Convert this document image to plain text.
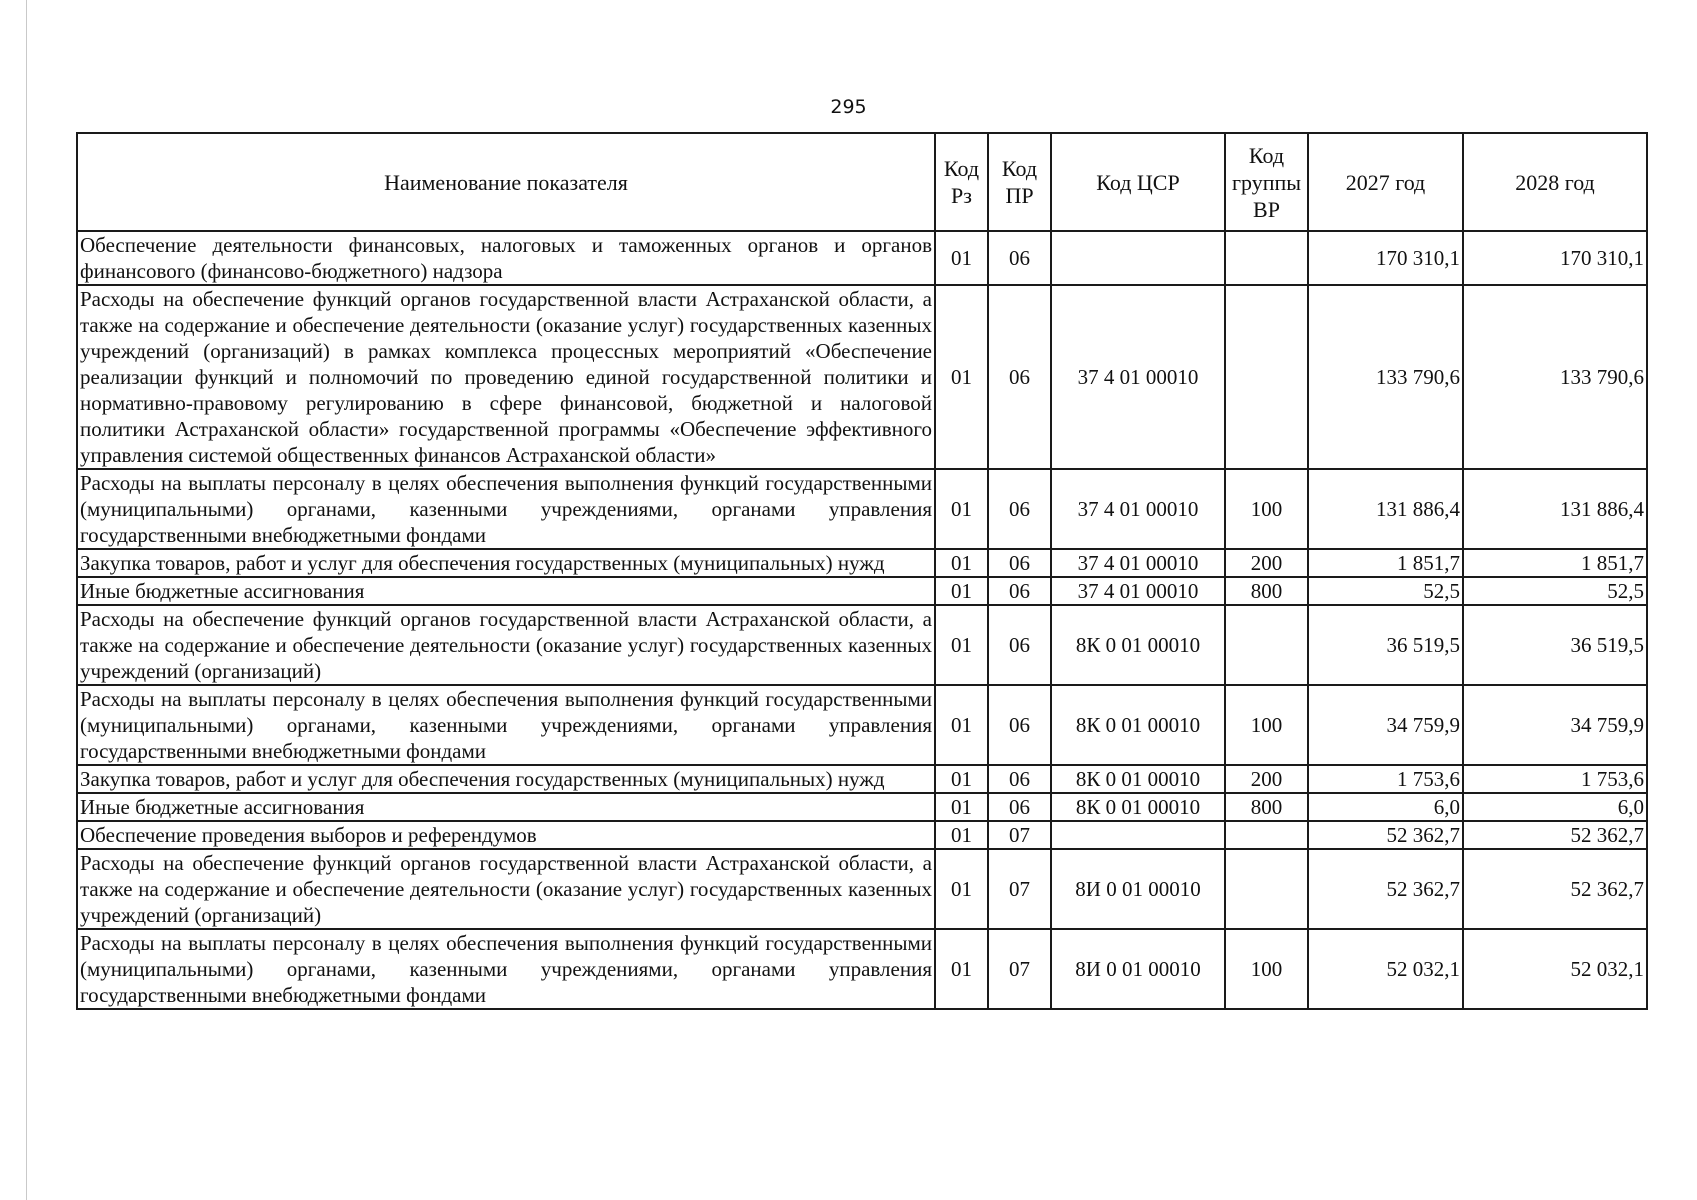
295
Наименование показателя	Код Рз	Код ПР	Код ЦСР	Код группы ВР	2027 год	2028 год
Обеспечение деятельности финансовых, налоговых и таможенных органов и органов финансового (финансово-бюджетного) надзора	01	06			170 310,1	170 310,1
Расходы на обеспечение функций органов государственной власти Астраханской области, а также на содержание и обеспечение деятельности (оказание услуг) государственных казенных учреждений (организаций) в рамках комплекса процессных мероприятий «Обеспечение реализации функций и полномочий по проведению единой государственной политики и нормативно-правовому регулированию в сфере финансовой, бюджетной и налоговой политики Астраханской области» государственной программы «Обеспечение эффективного управления системой общественных финансов Астраханской области»	01	06	37 4 01 00010		133 790,6	133 790,6
Расходы на выплаты персоналу в целях обеспечения выполнения функций государственными (муниципальными) органами, казенными учреждениями, органами управления государственными внебюджетными фондами	01	06	37 4 01 00010	100	131 886,4	131 886,4
Закупка товаров, работ и услуг для обеспечения государственных (муниципальных) нужд	01	06	37 4 01 00010	200	1 851,7	1 851,7
Иные бюджетные ассигнования	01	06	37 4 01 00010	800	52,5	52,5
Расходы на обеспечение функций органов государственной власти Астраханской области, а также на содержание и обеспечение деятельности (оказание услуг) государственных казенных учреждений (организаций)	01	06	8К 0 01 00010		36 519,5	36 519,5
Расходы на выплаты персоналу в целях обеспечения выполнения функций государственными (муниципальными) органами, казенными учреждениями, органами управления государственными внебюджетными фондами	01	06	8К 0 01 00010	100	34 759,9	34 759,9
Закупка товаров, работ и услуг для обеспечения государственных (муниципальных) нужд	01	06	8К 0 01 00010	200	1 753,6	1 753,6
Иные бюджетные ассигнования	01	06	8К 0 01 00010	800	6,0	6,0
Обеспечение проведения выборов и референдумов	01	07			52 362,7	52 362,7
Расходы на обеспечение функций органов государственной власти Астраханской области, а также на содержание и обеспечение деятельности (оказание услуг) государственных казенных учреждений (организаций)	01	07	8И 0 01 00010		52 362,7	52 362,7
Расходы на выплаты персоналу в целях обеспечения выполнения функций государственными (муниципальными) органами, казенными учреждениями, органами управления государственными внебюджетными фондами	01	07	8И 0 01 00010	100	52 032,1	52 032,1
